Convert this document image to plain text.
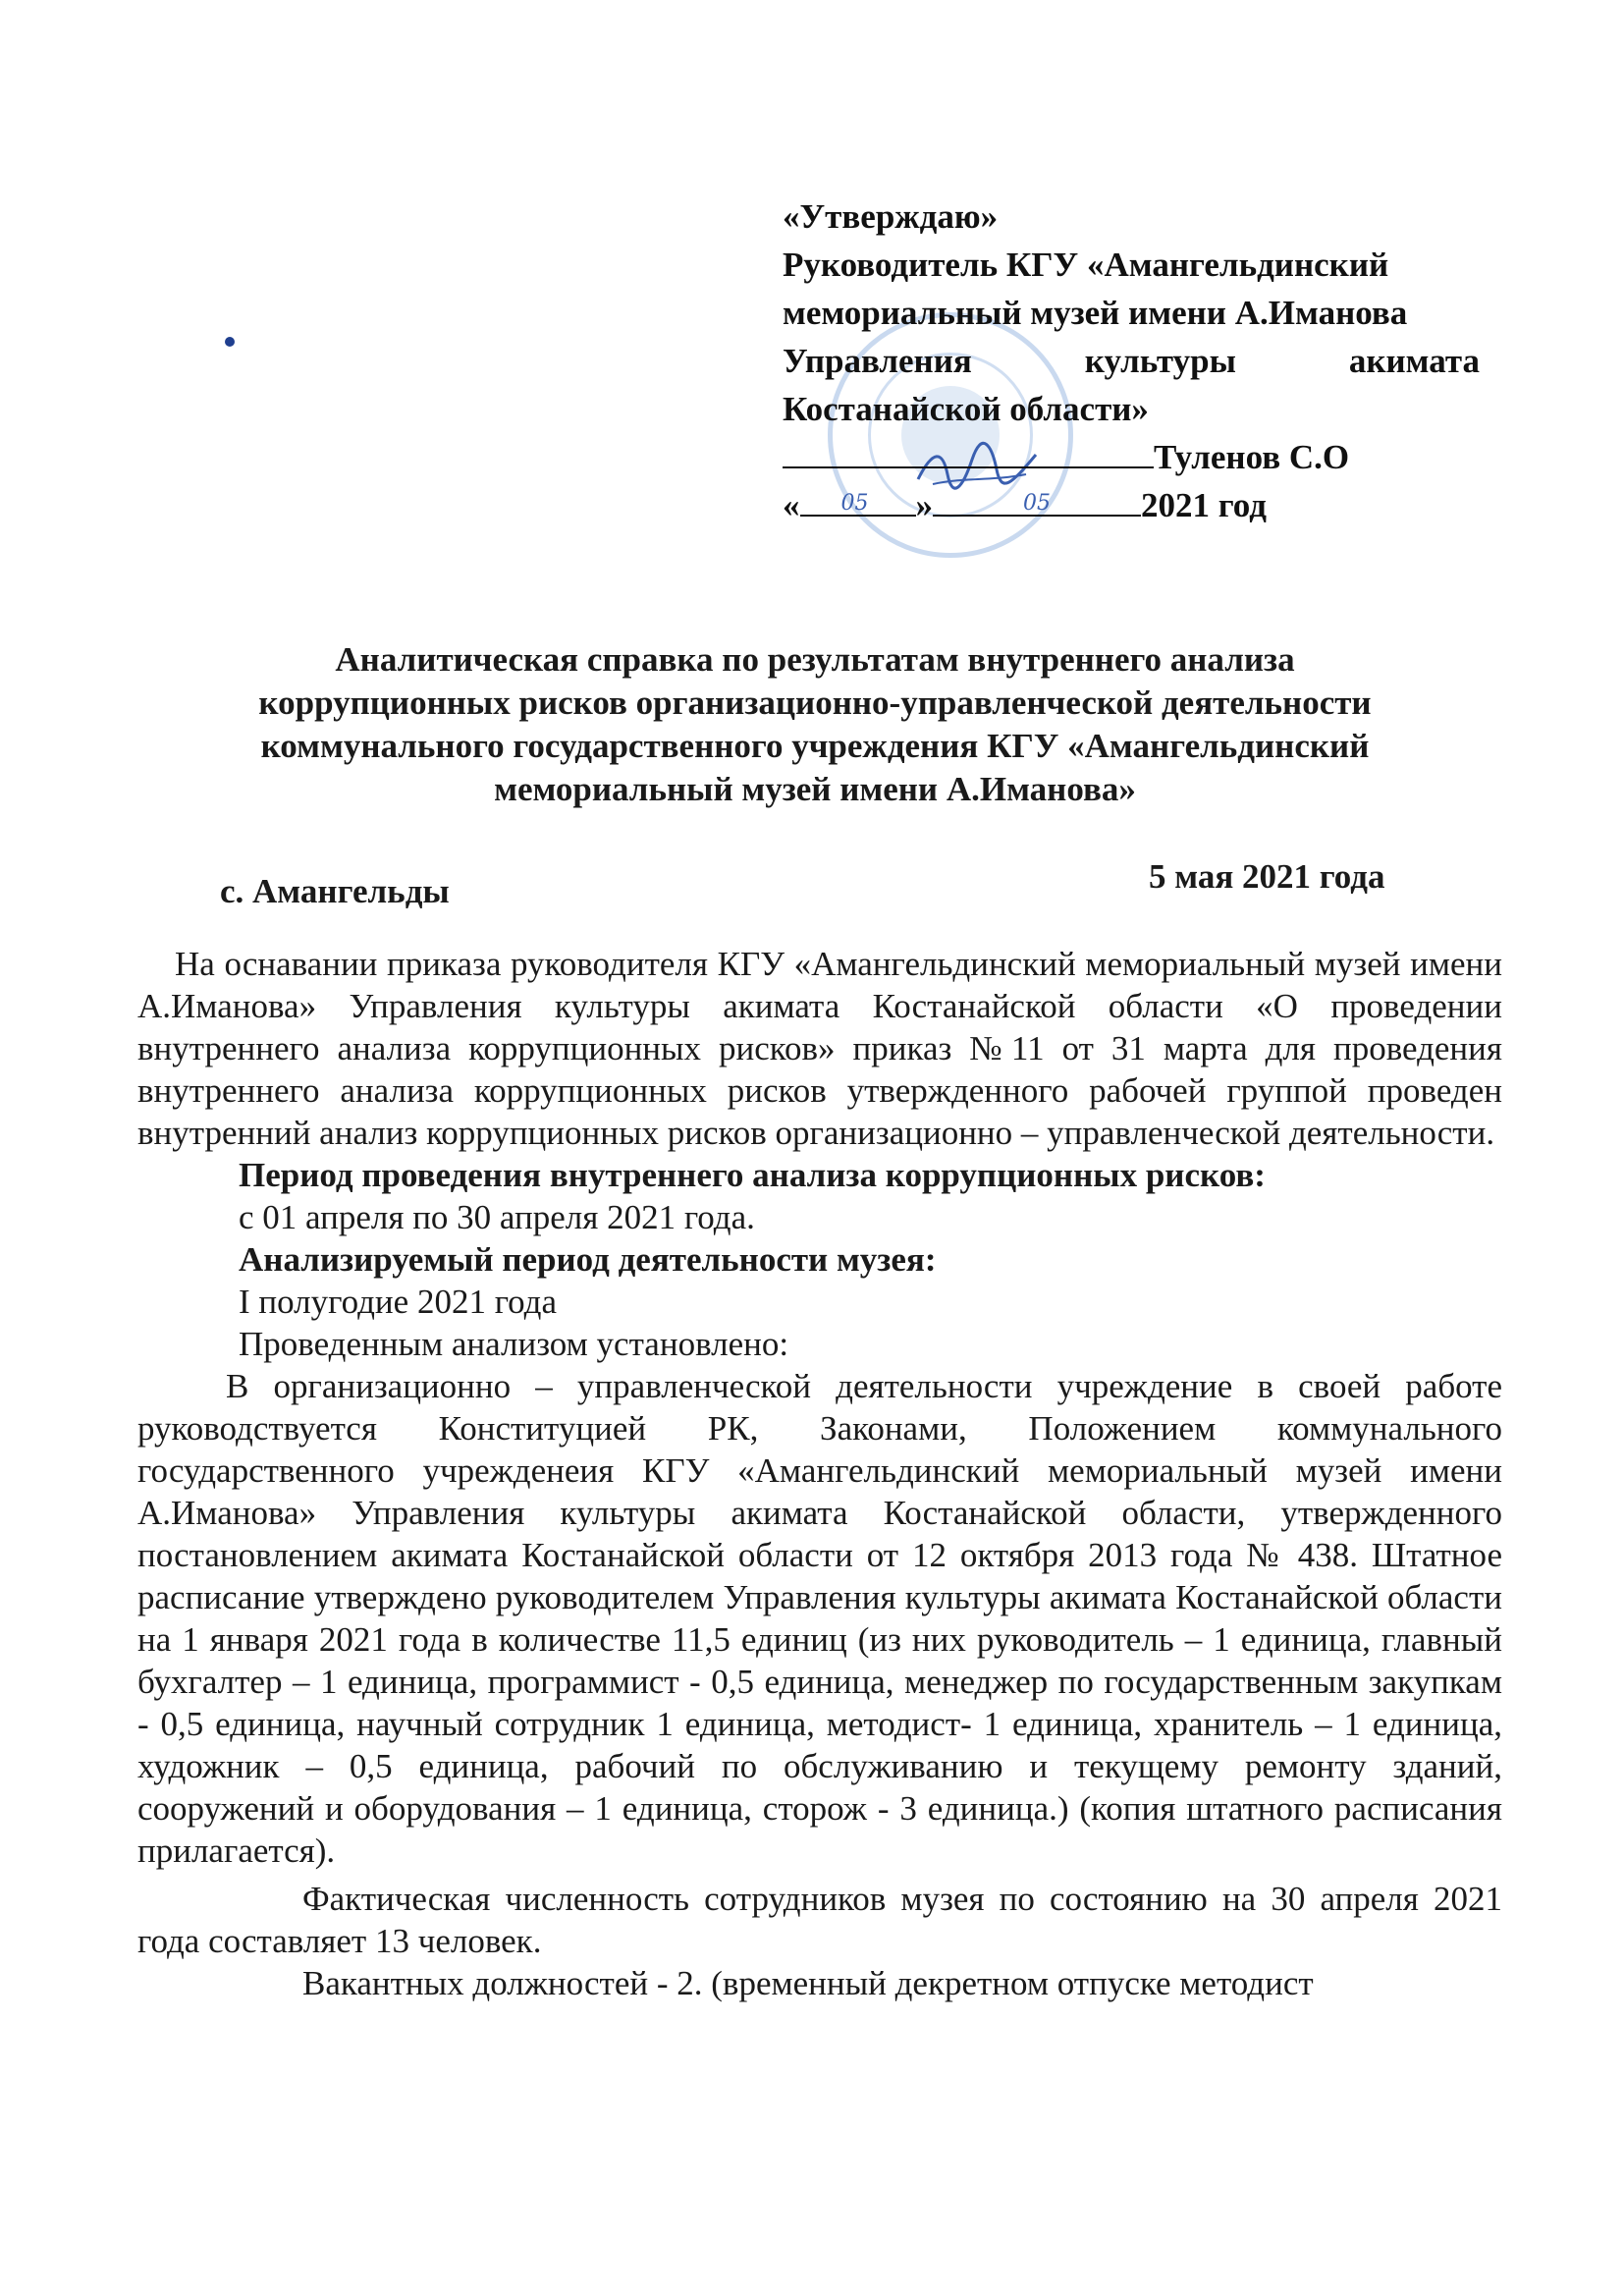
«Утверждаю»
Руководитель КГУ «Амангельдинский
мемориальный музей имени А.Иманова
Управления культуры акимата
Костанайской области»
Туленов С.О
« 05 »	05	2021 год
Аналитическая справка по результатам внутреннего анализа
коррупционных рисков организационно-управленческой деятельности
коммунального государственного учреждения КГУ «Амангельдинский
мемориальный музей имени А.Иманова»
с. Амангельды	5 мая 2021 года

На оснавании приказа руководителя КГУ «Амангельдинский мемориальный музей имени А.Иманова» Управления культуры акимата Костанайской области «О проведении внутреннего анализа коррупционных рисков» приказ №11 от 31 марта для проведения внутреннего анализа коррупционных рисков утвержденного рабочей группой проведен внутренний анализ коррупционных рисков организационно – управленческой деятельности.

Период проведения внутреннего анализа коррупционных рисков:

с 01 апреля по 30 апреля 2021 года.

Анализируемый период деятельности музея:

I полугодие 2021 года

Проведенным анализом установлено:

В организационно – управленческой деятельности учреждение в своей работе руководствуется Конституцией РК, Законами, Положением коммунального государственного учрежденеия КГУ «Амангельдинский мемориальный музей имени А.Иманова» Управления культуры акимата Костанайской области, утвержденного постановлением акимата Костанайской области от 12 октября 2013 года № 438. Штатное расписание утверждено руководителем Управления культуры акимата Костанайской области на 1 января 2021 года в количестве 11,5 единиц (из них руководитель – 1 единица, главный бухгалтер – 1 единица, программист - 0,5 единица, менеджер по государственным закупкам - 0,5 единица, научный сотрудник 1 единица, методист- 1 единица, хранитель – 1 единица, художник – 0,5 единица, рабочий по обслуживанию и текущему ремонту зданий, сооружений и оборудования – 1 единица, сторож - 3 единица.) (копия штатного расписания прилагается).

Фактическая численность сотрудников музея по состоянию на 30 апреля 2021 года составляет 13 человек.

Вакантных должностей - 2. (временный декретном отпуске методист
